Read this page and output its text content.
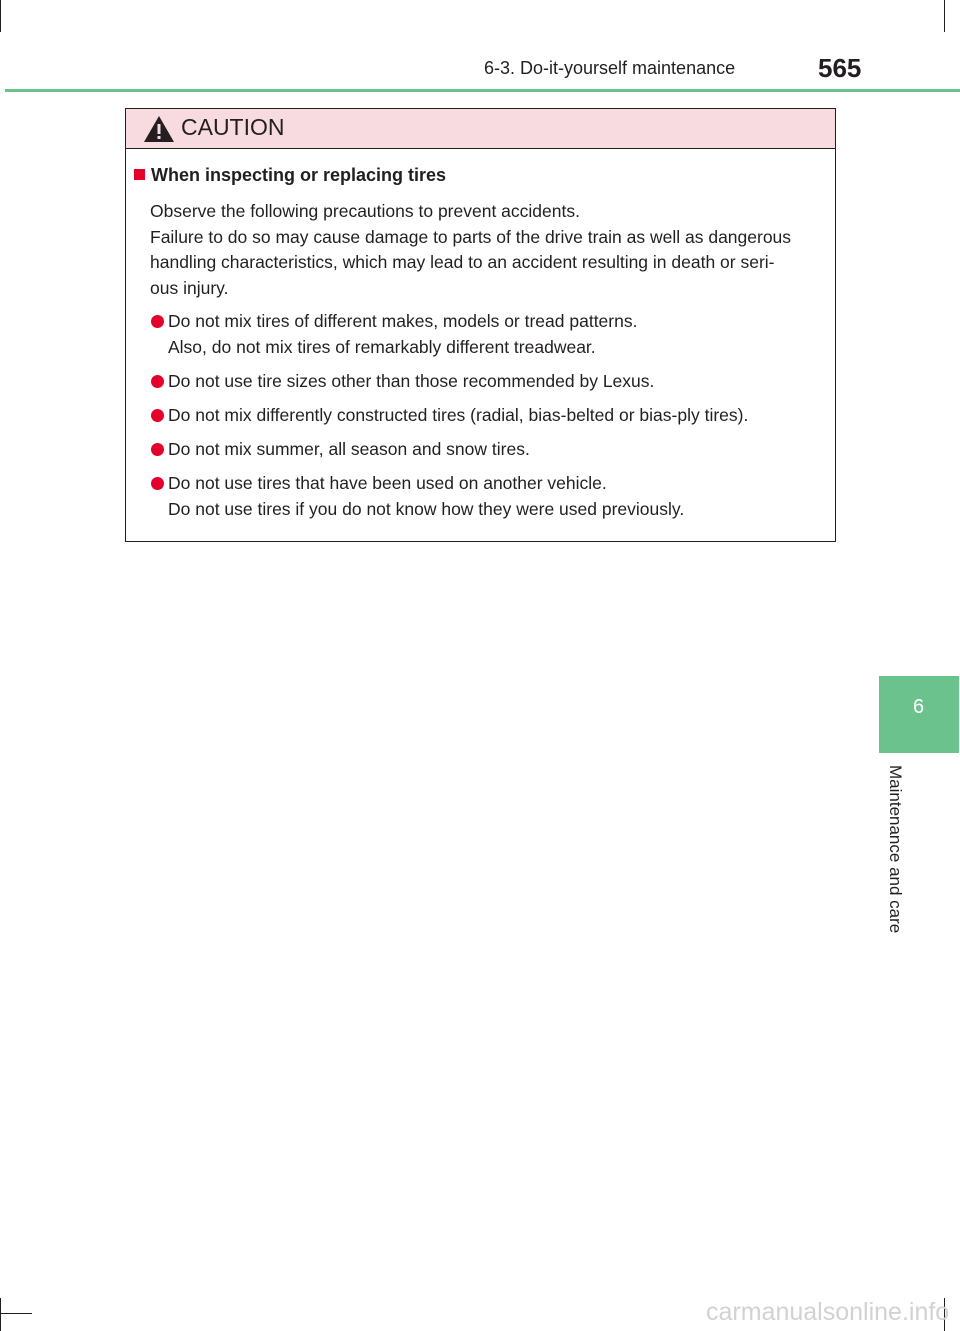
6-3. Do-it-yourself maintenance	565
CAUTION
When inspecting or replacing tires
Observe the following precautions to prevent accidents.
Failure to do so may cause damage to parts of the drive train as well as dangerous
handling characteristics, which may lead to an accident resulting in death or seri-
ous injury.
Do not mix tires of different makes, models or tread patterns.
Also, do not mix tires of remarkably different treadwear.
Do not use tire sizes other than those recommended by Lexus.
Do not mix differently constructed tires (radial, bias-belted or bias-ply tires).
Do not mix summer, all season and snow tires.
Do not use tires that have been used on another vehicle.
Do not use tires if you do not know how they were used previously.
6
Maintenance and care
carmanualsonline.info
